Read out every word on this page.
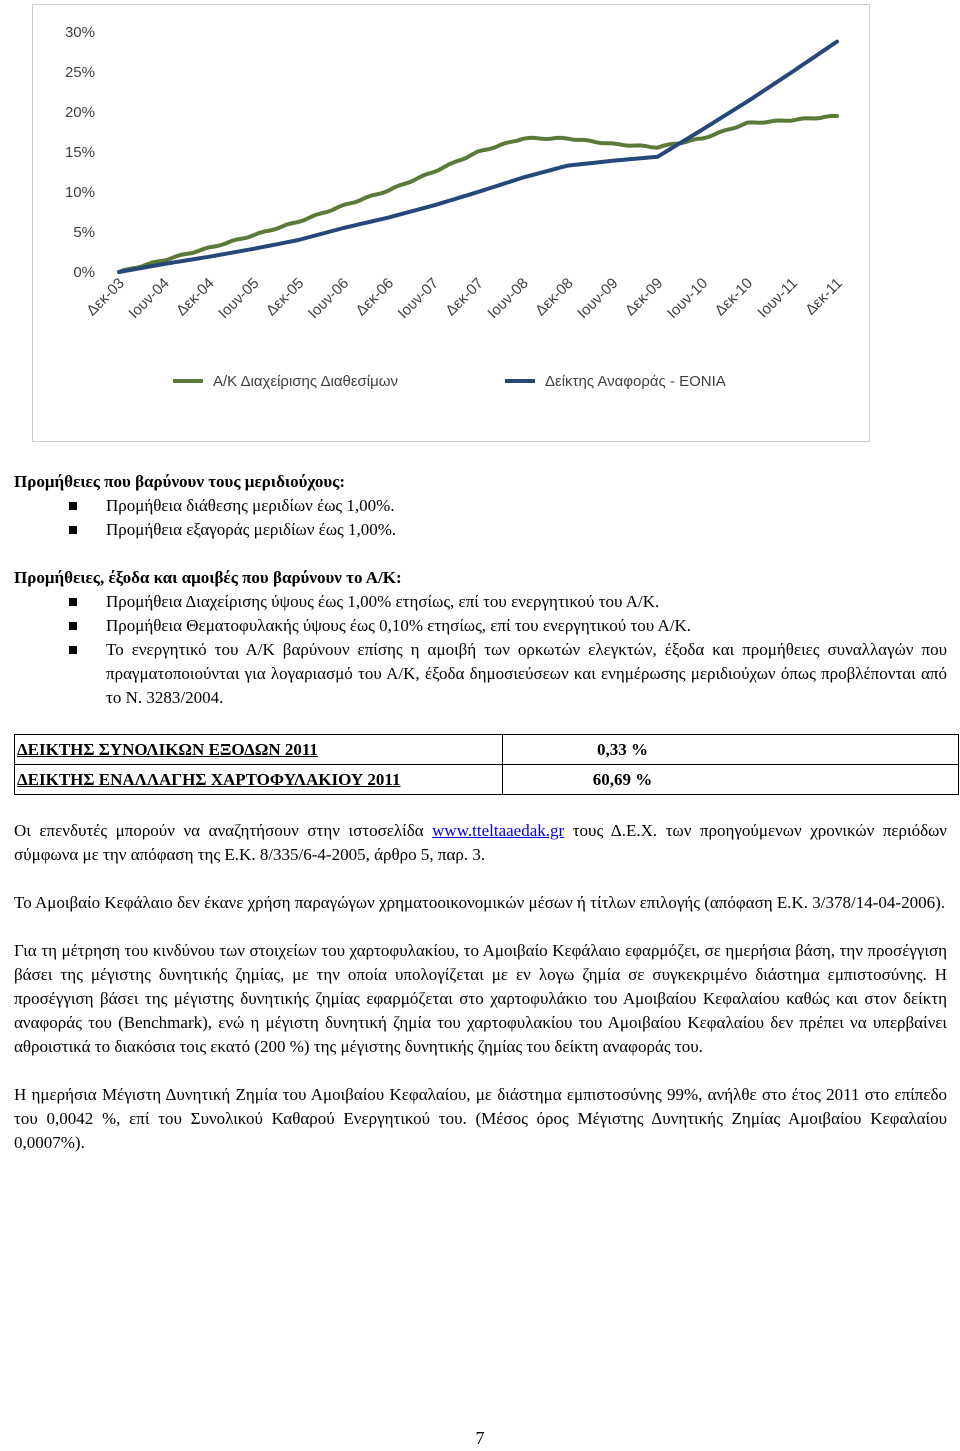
0%
5%
10%
15%
20%
25%
30%
Δεκ-03
Ιουν-04 Δεκ-04
Ιουν-05 Δεκ-05
Ιουν-06 Δεκ-06
Ιουν-07 Δεκ-07
Ιουν-08 Δεκ-08
Ιουν-09 Δεκ-09
Ιουν-10 Δεκ-10
Ιουν-11 Δεκ-11
Α/Κ Διαχείρισης Διαθεσίμων	Δείκτης Αναφοράς - EONIA
Προμήθειες που βαρύνουν τους μεριδιούχους:
Προμήθεια διάθεσης μεριδίων έως 1,00%.
Προμήθεια εξαγοράς μεριδίων έως 1,00%.
Προμήθειες, έξοδα και αμοιβές που βαρύνουν το Α/Κ:
Προμήθεια Διαχείρισης ύψους έως 1,00% ετησίως, επί του ενεργητικού του Α/Κ.
Προμήθεια Θεματοφυλακής ύψους έως 0,10% ετησίως, επί του ενεργητικού του Α/Κ.
Το ενεργητικό του Α/Κ βαρύνουν επίσης η αμοιβή των ορκωτών ελεγκτών, έξοδα και προμήθειες συναλλαγών που πραγματοποιούνται για λογαριασμό του Α/Κ, έξοδα δημοσιεύσεων και ενημέρωσης μεριδιούχων όπως προβλέπονται από το Ν. 3283/2004.
ΔΕΙΚΤΗΣ ΣΥΝΟΛΙΚΩΝ ΕΞΟΔΩΝ 2011	0,33 %
ΔΕΙΚΤΗΣ ΕΝΑΛΛΑΓΗΣ ΧΑΡΤΟΦΥΛΑΚΙΟΥ 2011	60,69 %

Οι επενδυτές μπορούν να αναζητήσουν στην ιστοσελίδα www.tteltaaedak.gr τους Δ.Ε.Χ. των προηγούμενων χρονικών περιόδων σύμφωνα με την απόφαση της Ε.Κ. 8/335/6-4-2005, άρθρο 5, παρ. 3.

Το Αμοιβαίο Κεφάλαιο δεν έκανε χρήση παραγώγων χρηματοοικονομικών μέσων ή τίτλων επιλογής (απόφαση Ε.Κ. 3/378/14-04-2006).

Για τη μέτρηση του κινδύνου των στοιχείων του χαρτοφυλακίου, το Αμοιβαίο Κεφάλαιο εφαρμόζει, σε ημερήσια βάση, την προσέγγιση βάσει της μέγιστης δυνητικής ζημίας, με την οποία υπολογίζεται με εν λογω ζημία σε συγκεκριμένο διάστημα εμπιστοσύνης. Η προσέγγιση βάσει της μέγιστης δυνητικής ζημίας εφαρμόζεται στο χαρτοφυλάκιο του Αμοιβαίου Κεφαλαίου καθώς και στον δείκτη αναφοράς του (Benchmark), ενώ η μέγιστη δυνητική ζημία του χαρτοφυλακίου του Αμοιβαίου Κεφαλαίου δεν πρέπει να υπερβαίνει αθροιστικά το διακόσια τοις εκατό (200 %) της μέγιστης δυνητικής ζημίας του δείκτη αναφοράς του.

Η ημερήσια Μέγιστη Δυνητική Ζημία του Αμοιβαίου Κεφαλαίου, με διάστημα εμπιστοσύνης 99%, ανήλθε στο έτος 2011 στο επίπεδο του 0,0042 %, επί του Συνολικού Καθαρού Ενεργητικού του. (Μέσος όρος Μέγιστης Δυνητικής Ζημίας Αμοιβαίου Κεφαλαίου 0,0007%).

7
